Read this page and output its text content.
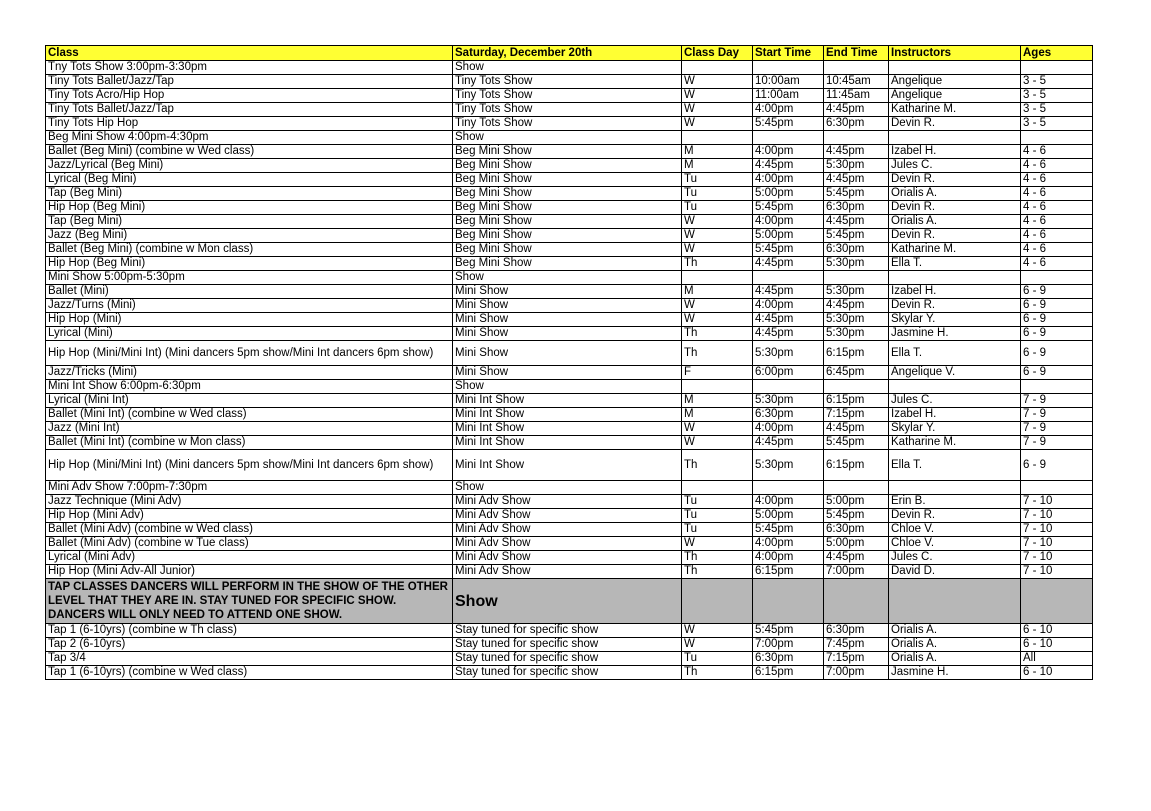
Class	Saturday, December 20th	Class Day	Start Time	End Time	Instructors	Ages
Tny Tots Show 3:00pm-3:30pm	Show					
Tiny Tots Ballet/Jazz/Tap	Tiny Tots Show	W	10:00am	10:45am	Angelique	3 - 5
Tiny Tots Acro/Hip Hop	Tiny Tots Show	W	11:00am	11:45am	Angelique	3 - 5
Tiny Tots Ballet/Jazz/Tap	Tiny Tots Show	W	4:00pm	4:45pm	Katharine M.	3 - 5
Tiny Tots Hip Hop	Tiny Tots Show	W	5:45pm	6:30pm	Devin R.	3 - 5
Beg Mini Show 4:00pm-4:30pm	Show					
Ballet (Beg Mini) (combine w Wed class)	Beg Mini Show	M	4:00pm	4:45pm	Izabel H.	4 - 6
Jazz/Lyrical (Beg Mini)	Beg Mini Show	M	4:45pm	5:30pm	Jules C.	4 - 6
Lyrical (Beg Mini)	Beg Mini Show	Tu	4:00pm	4:45pm	Devin R.	4 - 6
Tap (Beg Mini)	Beg Mini Show	Tu	5:00pm	5:45pm	Orialis A.	4 - 6
Hip Hop (Beg Mini)	Beg Mini Show	Tu	5:45pm	6:30pm	Devin R.	4 - 6
Tap (Beg Mini)	Beg Mini Show	W	4:00pm	4:45pm	Orialis A.	4 - 6
Jazz (Beg Mini)	Beg Mini Show	W	5:00pm	5:45pm	Devin R.	4 - 6
Ballet (Beg Mini) (combine w Mon class)	Beg Mini Show	W	5:45pm	6:30pm	Katharine M.	4 - 6
Hip Hop (Beg Mini)	Beg Mini Show	Th	4:45pm	5:30pm	Ella T.	4 - 6
Mini Show 5:00pm-5:30pm	Show					
Ballet (Mini)	Mini Show	M	4:45pm	5:30pm	Izabel H.	6 - 9
Jazz/Turns (Mini)	Mini Show	W	4:00pm	4:45pm	Devin R.	6 - 9
Hip Hop (Mini)	Mini Show	W	4:45pm	5:30pm	Skylar Y.	6 - 9
Lyrical (Mini)	Mini Show	Th	4:45pm	5:30pm	Jasmine H.	6 - 9
Hip Hop (Mini/Mini Int) (Mini dancers 5pm show/Mini Int dancers 6pm show)	Mini Show	Th	5:30pm	6:15pm	Ella T.	6 - 9
Jazz/Tricks (Mini)	Mini Show	F	6:00pm	6:45pm	Angelique V.	6 - 9
Mini Int Show 6:00pm-6:30pm	Show					
Lyrical (Mini Int)	Mini Int Show	M	5:30pm	6:15pm	Jules C.	7 - 9
Ballet (Mini Int) (combine w Wed class)	Mini Int Show	M	6:30pm	7:15pm	Izabel H.	7 - 9
Jazz (Mini Int)	Mini Int Show	W	4:00pm	4:45pm	Skylar Y.	7 - 9
Ballet (Mini Int) (combine w Mon class)	Mini Int Show	W	4:45pm	5:45pm	Katharine M.	7 - 9
Hip Hop (Mini/Mini Int) (Mini dancers 5pm show/Mini Int dancers 6pm show)	Mini Int Show	Th	5:30pm	6:15pm	Ella T.	6 - 9
Mini Adv Show 7:00pm-7:30pm	Show					
Jazz Technique (Mini Adv)	Mini Adv Show	Tu	4:00pm	5:00pm	Erin B.	7 - 10
Hip Hop (Mini Adv)	Mini Adv Show	Tu	5:00pm	5:45pm	Devin R.	7 - 10
Ballet (Mini Adv) (combine w Wed class)	Mini Adv Show	Tu	5:45pm	6:30pm	Chloe V.	7 - 10
Ballet (Mini Adv) (combine w Tue class)	Mini Adv Show	W	4:00pm	5:00pm	Chloe V.	7 - 10
Lyrical (Mini Adv)	Mini Adv Show	Th	4:00pm	4:45pm	Jules C.	7 - 10
Hip Hop (Mini Adv-All Junior)	Mini Adv Show	Th	6:15pm	7:00pm	David D.	7 - 10
TAP CLASSES DANCERS WILL PERFORM IN THE SHOW OF THE OTHER LEVEL THAT THEY ARE IN. STAY TUNED FOR SPECIFIC SHOW. DANCERS WILL ONLY NEED TO ATTEND ONE SHOW.	Show					
Tap 1 (6-10yrs) (combine w Th class)	Stay tuned for specific show	W	5:45pm	6:30pm	Orialis A.	6 - 10
Tap 2 (6-10yrs)	Stay tuned for specific show	W	7:00pm	7:45pm	Orialis A.	6 - 10
Tap 3/4	Stay tuned for specific show	Tu	6:30pm	7:15pm	Orialis A.	All
Tap 1 (6-10yrs) (combine w Wed class)	Stay tuned for specific show	Th	6:15pm	7:00pm	Jasmine H.	6 - 10
